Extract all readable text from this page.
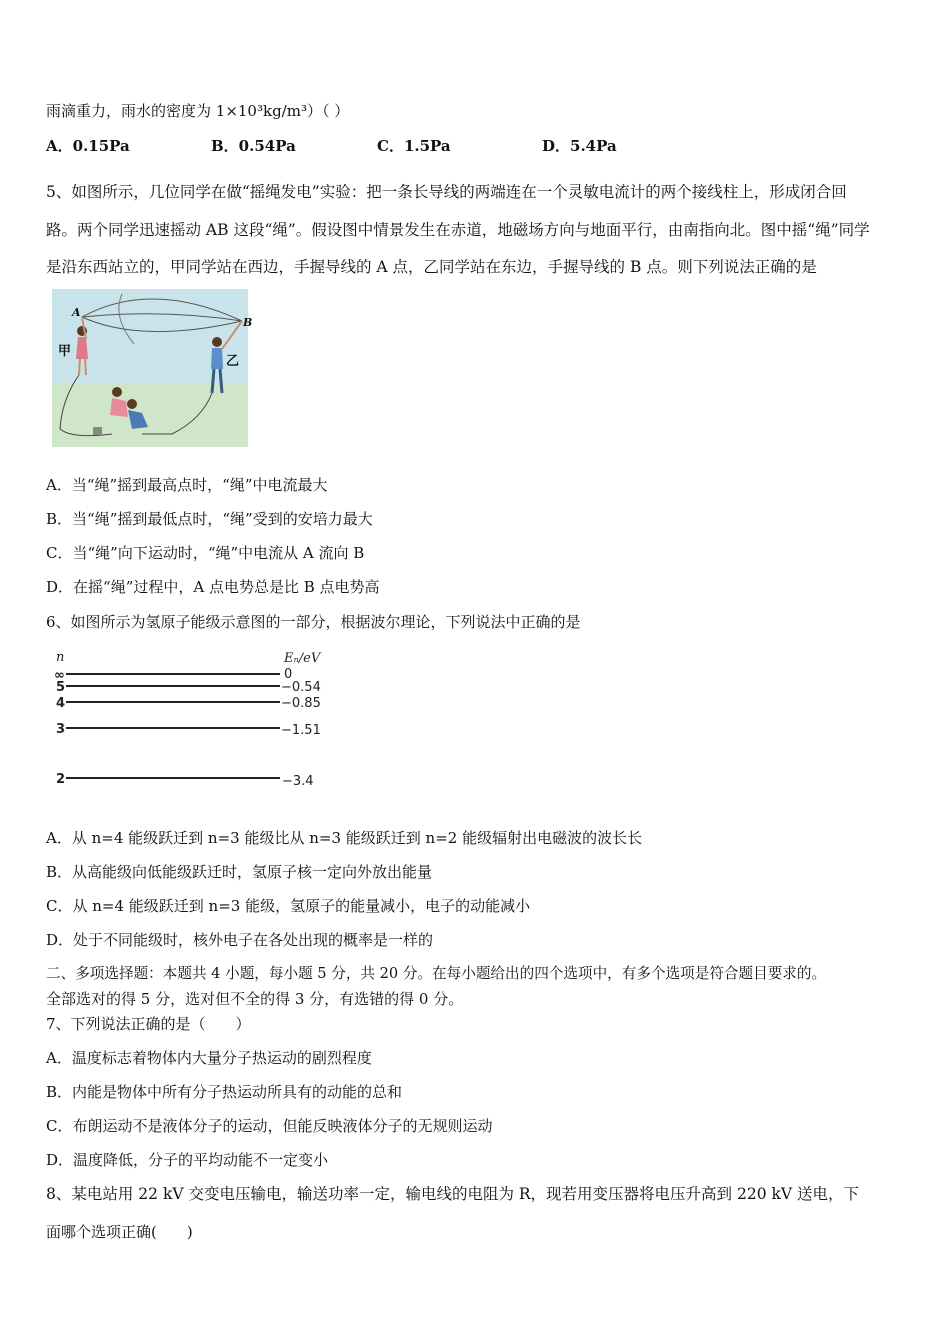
雨滴重力，雨水的密度为 1×10³kg/m³）（ ）
A．0.15Pa	B．0.54Pa	C．1.5Pa	D．5.4Pa
5、如图所示，几位同学在做“摇绳发电”实验：把一条长导线的两端连在一个灵敏电流计的两个接线柱上，形成闭合回
路。两个同学迅速摇动 AB 这段“绳”。假设图中情景发生在赤道，地磁场方向与地面平行，由南指向北。图中摇“绳”同学
是沿东西站立的，甲同学站在西边，手握导线的 A 点，乙同学站在东边，手握导线的 B 点。则下列说法正确的是
A
B
甲
乙
A．当“绳”摇到最高点时，“绳”中电流最大
B．当“绳”摇到最低点时，“绳”受到的安培力最大
C．当“绳”向下运动时，“绳”中电流从 A 流向 B
D．在摇“绳”过程中，A 点电势总是比 B 点电势高
6、如图所示为氢原子能级示意图的一部分，根据波尔理论，下列说法中正确的是
n	Eₙ/eV
∞	0
5	−0.54
4	−0.85
3	−1.51
2	−3.4
A．从 n=4 能级跃迁到 n=3 能级比从 n=3 能级跃迁到 n=2 能级辐射出电磁波的波长长
B．从高能级向低能级跃迁时，氢原子核一定向外放出能量
C．从 n=4 能级跃迁到 n=3 能级，氢原子的能量减小，电子的动能减小
D．处于不同能级时，核外电子在各处出现的概率是一样的
二、多项选择题：本题共 4 小题，每小题 5 分，共 20 分。在每小题给出的四个选项中，有多个选项是符合题目要求的。
全部选对的得 5 分，选对但不全的得 3 分，有选错的得 0 分。
7、下列说法正确的是（　　）
A．温度标志着物体内大量分子热运动的剧烈程度
B．内能是物体中所有分子热运动所具有的动能的总和
C．布朗运动不是液体分子的运动，但能反映液体分子的无规则运动
D．温度降低，分子的平均动能不一定变小
8、某电站用 22 kV 交变电压输电，输送功率一定，输电线的电阻为 R，现若用变压器将电压升高到 220 kV 送电，下
面哪个选项正确(　　)
